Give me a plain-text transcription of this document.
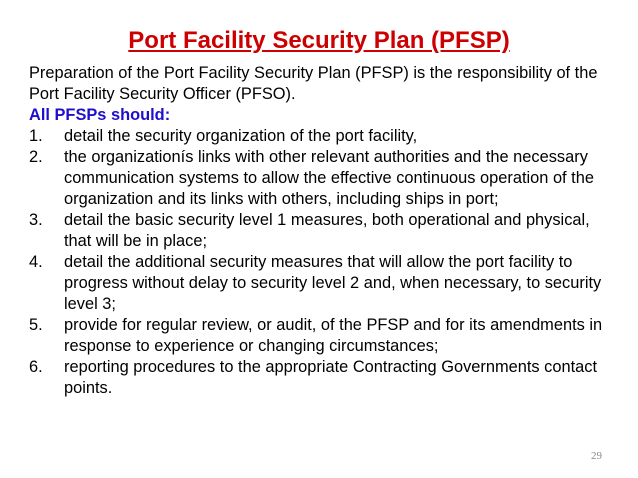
Port Facility Security Plan (PFSP)

Preparation of the Port Facility Security Plan (PFSP) is the responsibility of the Port Facility Security Officer (PFSO).

All PFSPs should:

1. detail the security organization of the port facility,
2. the organizationís links with other relevant authorities and the necessary communication systems to allow the effective continuous operation of the organization and its links with others, including ships in port;
3. detail the basic security level 1 measures, both operational and physical, that will be in place;
4. detail the additional security measures that will allow the port facility to progress without delay to security level 2 and, when necessary, to security level 3;
5. provide for regular review, or audit, of the PFSP and for its amendments in response to experience or changing circumstances;
6. reporting procedures to the appropriate Contracting Governments contact points.
29
